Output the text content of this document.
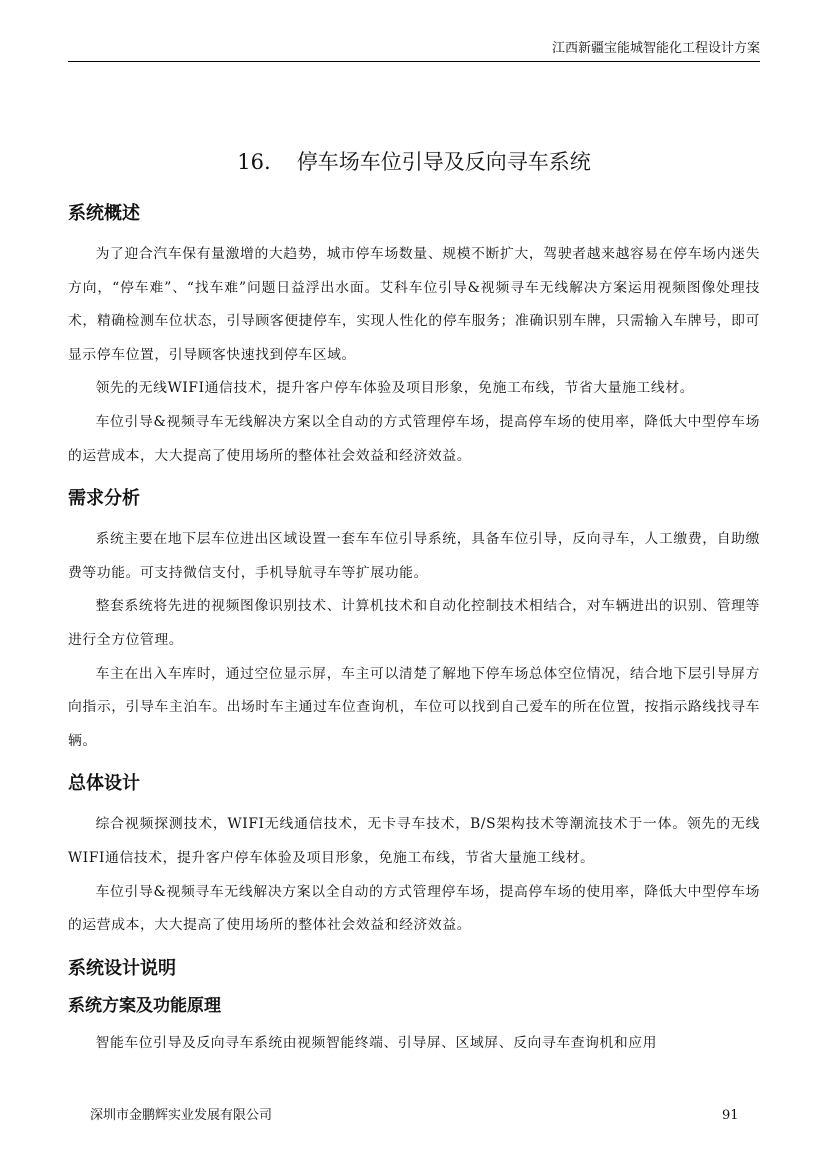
江西新疆宝能城智能化工程设计方案
16. 停车场车位引导及反向寻车系统
系统概述

为了迎合汽车保有量激增的大趋势，城市停车场数量、规模不断扩大，驾驶者越来越容易在停车场内迷失方向，“停车难”、“找车难”问题日益浮出水面。艾科车位引导&视频寻车无线解决方案运用视频图像处理技术，精确检测车位状态，引导顾客便捷停车，实现人性化的停车服务；准确识别车牌，只需输入车牌号，即可显示停车位置，引导顾客快速找到停车区域。

领先的无线WIFI通信技术，提升客户停车体验及项目形象，免施工布线，节省大量施工线材。

车位引导&视频寻车无线解决方案以全自动的方式管理停车场，提高停车场的使用率，降低大中型停车场的运营成本，大大提高了使用场所的整体社会效益和经济效益。

需求分析

系统主要在地下层车位进出区域设置一套车车位引导系统，具备车位引导，反向寻车，人工缴费，自助缴费等功能。可支持微信支付，手机导航寻车等扩展功能。

整套系统将先进的视频图像识别技术、计算机技术和自动化控制技术相结合，对车辆进出的识别、管理等进行全方位管理。

车主在出入车库时，通过空位显示屏，车主可以清楚了解地下停车场总体空位情况，结合地下层引导屏方向指示，引导车主泊车。出场时车主通过车位查询机，车位可以找到自己爱车的所在位置，按指示路线找寻车辆。

总体设计

综合视频探测技术，WIFI无线通信技术，无卡寻车技术，B/S架构技术等潮流技术于一体。领先的无线WIFI通信技术，提升客户停车体验及项目形象，免施工布线，节省大量施工线材。

车位引导&视频寻车无线解决方案以全自动的方式管理停车场，提高停车场的使用率，降低大中型停车场的运营成本，大大提高了使用场所的整体社会效益和经济效益。

系统设计说明
系统方案及功能原理

智能车位引导及反向寻车系统由视频智能终端、引导屏、区域屏、反向寻车查询机和应用

深圳市金鹏辉实业发展有限公司	91
